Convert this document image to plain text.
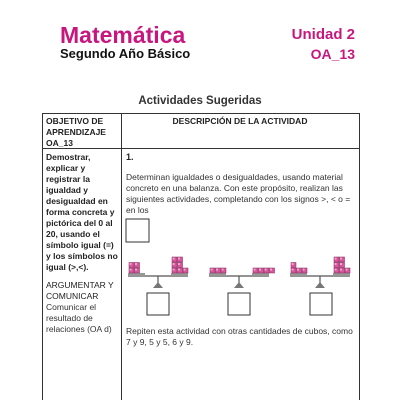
Matemática
Segundo Año Básico
Unidad 2
OA_13
Actividades Sugeridas
OBJETIVO DE APRENDIZAJE OA_13
DESCRIPCIÓN DE LA ACTIVIDAD
Demostrar, explicar y registrar la igualdad y desigualdad en forma concreta y pictórica del 0 al 20, usando el símbolo igual (=) y los símbolos no igual (>,<).
ARGUMENTAR Y COMUNICAR
Comunicar el resultado de relaciones (OA d)
1.
Determinan igualdades o desigualdades, usando material concreto en una balanza. Con este propósito, realizan las siguientes actividades, completando con los signos >, < o = en los
Repiten esta actividad con otras cantidades de cubos, como 7 y 9, 5 y 5, 6 y 9.
